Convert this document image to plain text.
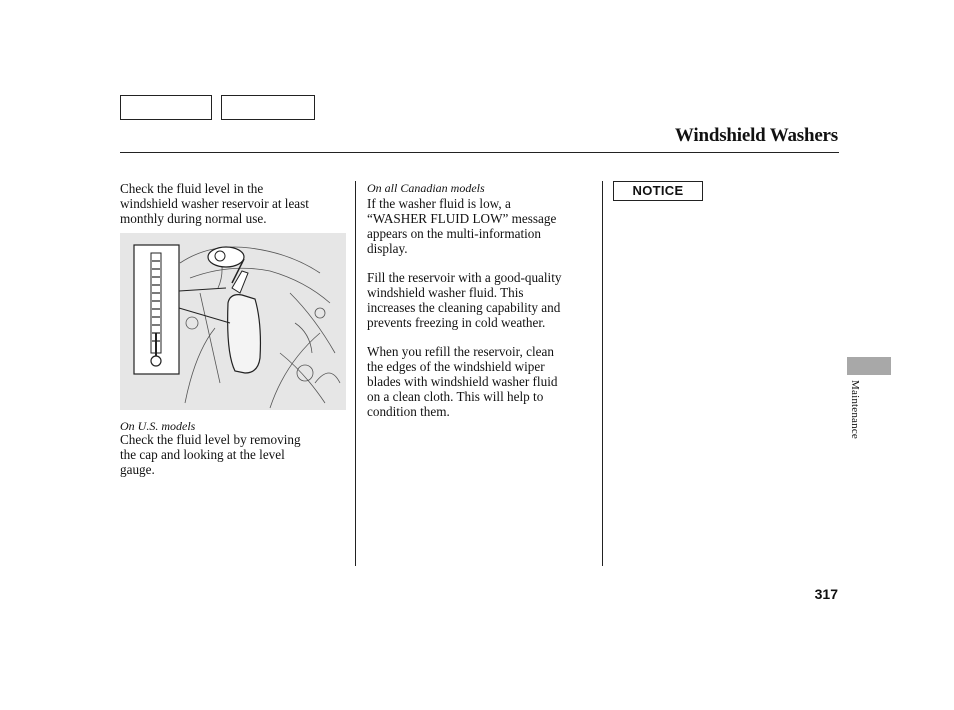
Windshield Washers

Check the fluid level in the
windshield washer reservoir at least
monthly during normal use.

On U.S. models

Check the fluid level by removing
the cap and looking at the level
gauge.

On all Canadian models

If the washer fluid is low, a
“WASHER FLUID LOW” message
appears on the multi-information
display.

Fill the reservoir with a good-quality
windshield washer fluid. This
increases the cleaning capability and
prevents freezing in cold weather.

When you refill the reservoir, clean
the edges of the windshield wiper
blades with windshield washer fluid
on a clean cloth. This will help to
condition them.

NOTICE
Maintenance
317
